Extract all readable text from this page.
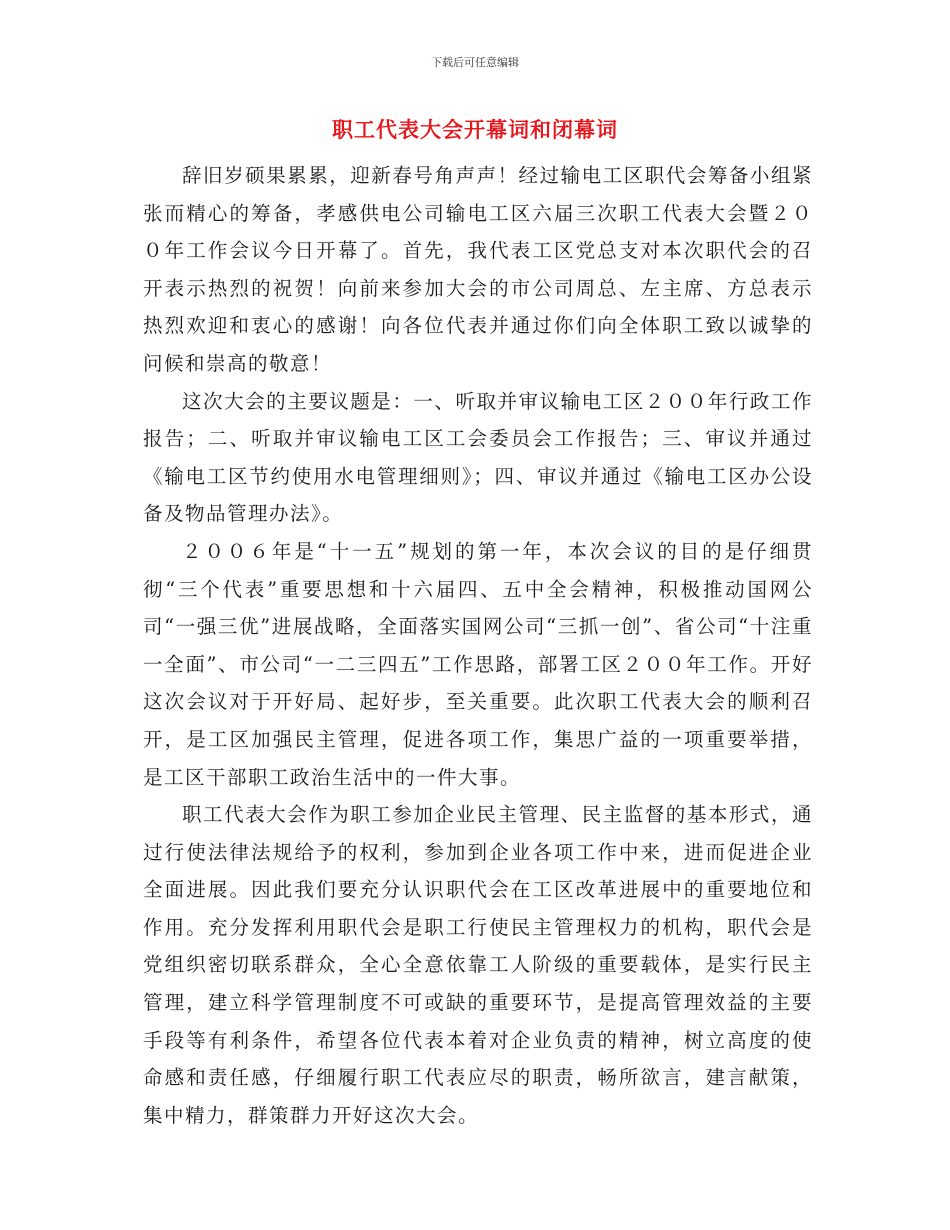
下载后可任意编辑
职工代表大会开幕词和闭幕词

辞旧岁硕果累累，迎新春号角声声！经过输电工区职代会筹备小组紧张而精心的筹备，孝感供电公司输电工区六届三次职工代表大会暨２００年工作会议今日开幕了。首先，我代表工区党总支对本次职代会的召开表示热烈的祝贺！向前来参加大会的市公司周总、左主席、方总表示热烈欢迎和衷心的感谢！向各位代表并通过你们向全体职工致以诚挚的问候和崇高的敬意！

这次大会的主要议题是：一、听取并审议输电工区２００年行政工作报告；二、听取并审议输电工区工会委员会工作报告；三、审议并通过《输电工区节约使用水电管理细则》；四、审议并通过《输电工区办公设备及物品管理办法》。

２００６年是“十一五”规划的第一年，本次会议的目的是仔细贯彻“三个代表”重要思想和十六届四、五中全会精神，积极推动国网公司“一强三优”进展战略，全面落实国网公司“三抓一创”、省公司“十注重一全面”、市公司“一二三四五”工作思路，部署工区２００年工作。开好这次会议对于开好局、起好步，至关重要。此次职工代表大会的顺利召开，是工区加强民主管理，促进各项工作，集思广益的一项重要举措，是工区干部职工政治生活中的一件大事。

职工代表大会作为职工参加企业民主管理、民主监督的基本形式，通过行使法律法规给予的权利，参加到企业各项工作中来，进而促进企业全面进展。因此我们要充分认识职代会在工区改革进展中的重要地位和作用。充分发挥利用职代会是职工行使民主管理权力的机构，职代会是党组织密切联系群众，全心全意依靠工人阶级的重要载体，是实行民主管理，建立科学管理制度不可或缺的重要环节，是提高管理效益的主要手段等有利条件，希望各位代表本着对企业负责的精神，树立高度的使命感和责任感，仔细履行职工代表应尽的职责，畅所欲言，建言献策，集中精力，群策群力开好这次大会。
